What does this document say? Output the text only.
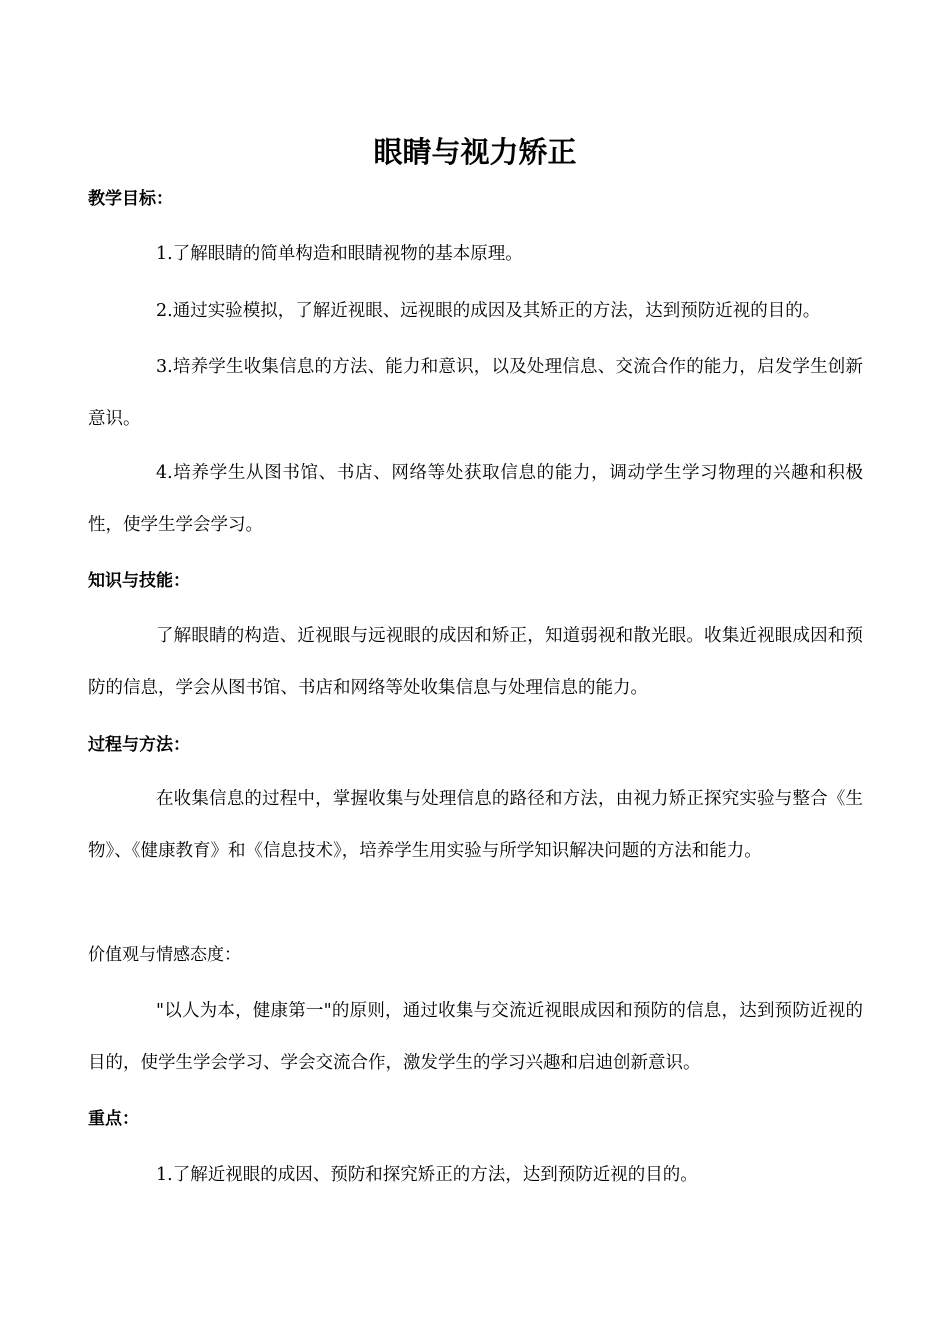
眼睛与视力矫正
教学目标：
1.了解眼睛的简单构造和眼睛视物的基本原理。
2.通过实验模拟，了解近视眼、远视眼的成因及其矫正的方法，达到预防近视的目的。
3.培养学生收集信息的方法、能力和意识，以及处理信息、交流合作的能力，启发学生创新意识。
4.培养学生从图书馆、书店、网络等处获取信息的能力，调动学生学习物理的兴趣和积极性，使学生学会学习。
知识与技能：
了解眼睛的构造、近视眼与远视眼的成因和矫正，知道弱视和散光眼。收集近视眼成因和预防的信息，学会从图书馆、书店和网络等处收集信息与处理信息的能力。
过程与方法：
在收集信息的过程中，掌握收集与处理信息的路径和方法，由视力矫正探究实验与整合《生物》、《健康教育》和《信息技术》，培养学生用实验与所学知识解决问题的方法和能力。
价值观与情感态度：
"以人为本，健康第一"的原则，通过收集与交流近视眼成因和预防的信息，达到预防近视的目的，使学生学会学习、学会交流合作，激发学生的学习兴趣和启迪创新意识。
重点：
1.了解近视眼的成因、预防和探究矫正的方法，达到预防近视的目的。
